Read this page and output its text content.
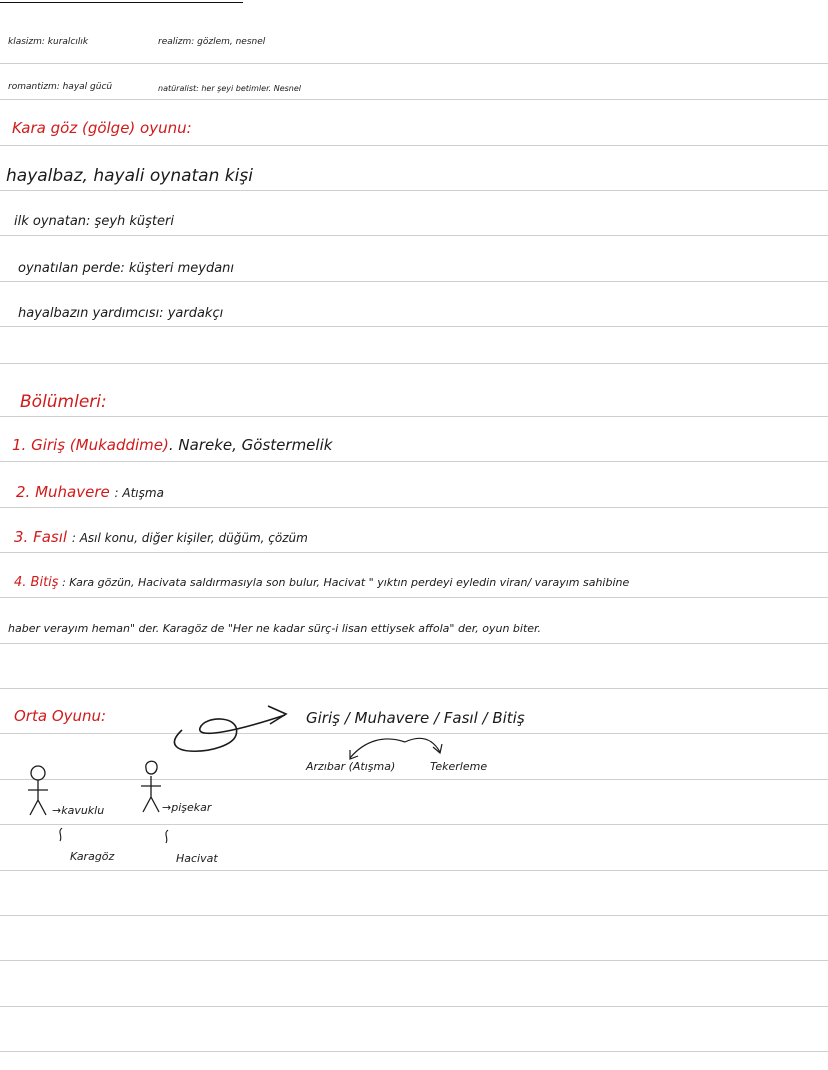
klasizm: kuralcılık	realizm: gözlem, nesnel
romantizm: hayal gücü	natüralist: her şeyi betimler. Nesnel
Kara göz (gölge) oyunu:
hayalbaz, hayali oynatan kişi
ilk oynatan: şeyh küşteri
oynatılan perde: küşteri meydanı
hayalbazın yardımcısı: yardakçı
Bölümleri:
1. Giriş (Mukaddime). Nareke, Göstermelik
2. Muhavere : Atışma
3. Fasıl : Asıl konu, diğer kişiler, düğüm, çözüm
4. Bitiş : Kara gözün, Hacivata saldırmasıyla son bulur, Hacivat " yıktın perdeyi eyledin viran/ varayım sahibine
haber verayım heman" der. Karagöz de "Her ne kadar sürç-i lisan ettiysek affola" der, oyun biter.
Orta Oyunu:	Giriş / Muhavere / Fasıl / Bitiş
Arzıbar (Atışma)	Tekerleme
→kavuklu
Karagöz
→pişekar
Hacivat
